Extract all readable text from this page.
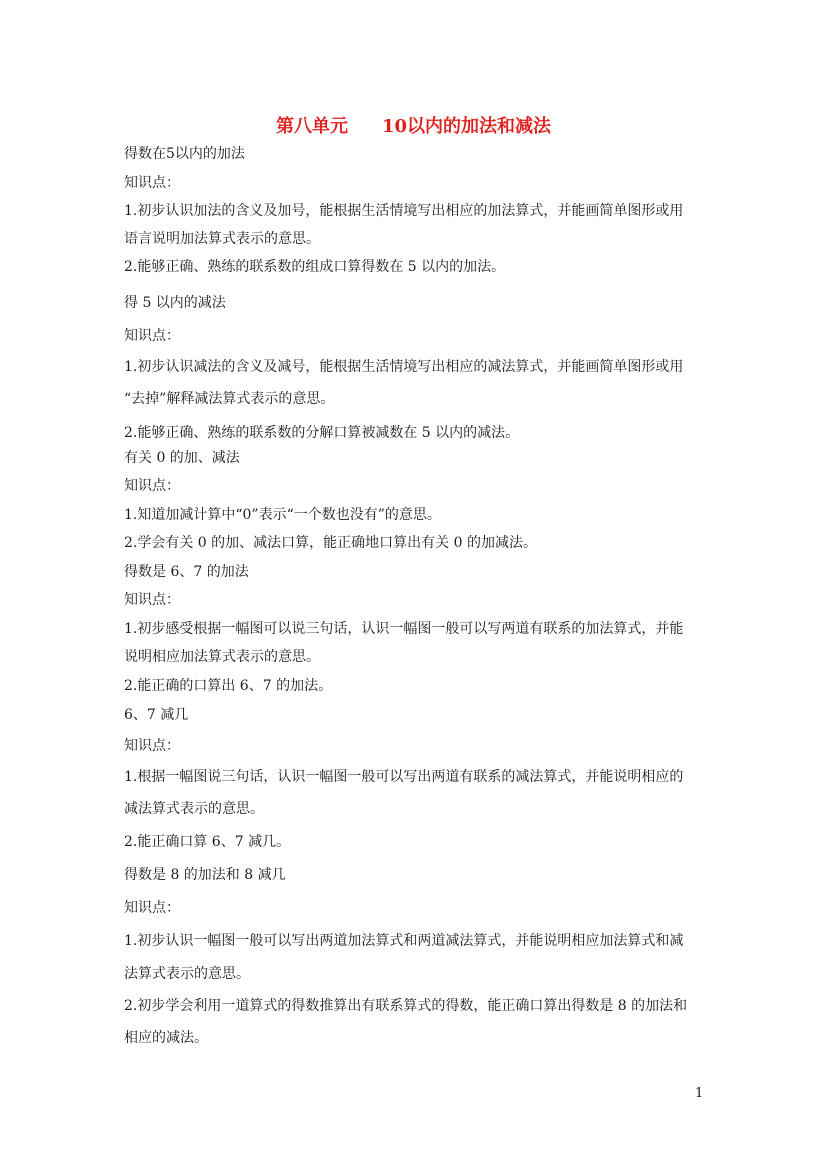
第八单元 10以内的加法和减法
得数在5以内的加法
知识点：
1.初步认识加法的含义及加号，能根据生活情境写出相应的加法算式，并能画简单图形或用
语言说明加法算式表示的意思。
2.能够正确、熟练的联系数的组成口算得数在 5 以内的加法。
得 5 以内的减法
知识点：
1.初步认识减法的含义及减号，能根据生活情境写出相应的减法算式，并能画简单图形或用
“去掉”解释减法算式表示的意思。
2.能够正确、熟练的联系数的分解口算被减数在 5 以内的减法。
有关 0 的加、减法
知识点：
1.知道加减计算中“0”表示“一个数也没有”的意思。
2.学会有关 0 的加、减法口算，能正确地口算出有关 0 的加减法。
得数是 6、7 的加法
知识点：
1.初步感受根据一幅图可以说三句话，认识一幅图一般可以写两道有联系的加法算式，并能
说明相应加法算式表示的意思。
2.能正确的口算出 6、7 的加法。
6、7 减几
知识点：
1.根据一幅图说三句话，认识一幅图一般可以写出两道有联系的减法算式，并能说明相应的
减法算式表示的意思。
2.能正确口算 6、7 减几。
得数是 8 的加法和 8 减几
知识点：
1.初步认识一幅图一般可以写出两道加法算式和两道减法算式，并能说明相应加法算式和减
法算式表示的意思。
2.初步学会利用一道算式的得数推算出有联系算式的得数，能正确口算出得数是 8 的加法和
相应的减法。
1
